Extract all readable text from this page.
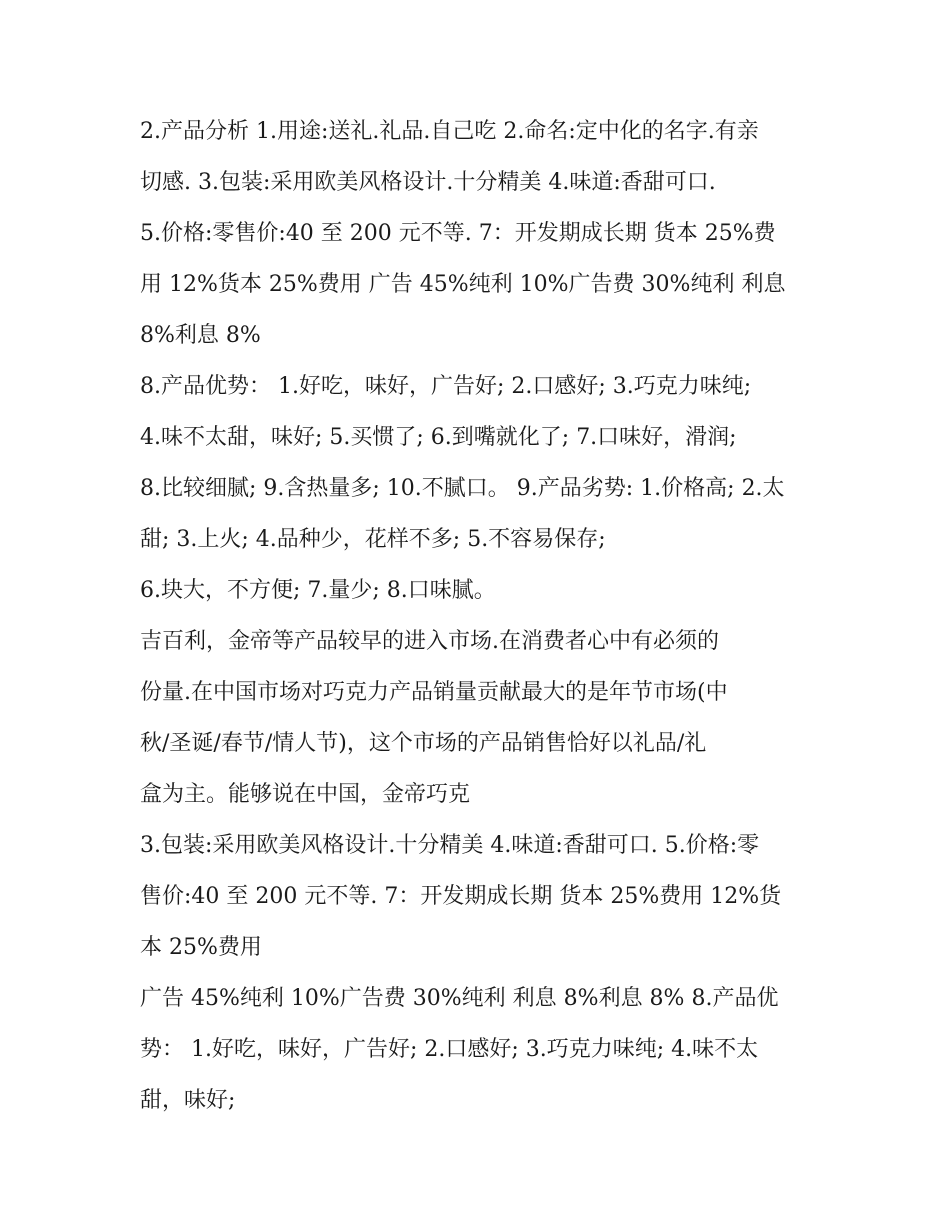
2.产品分析 1.用途:送礼.礼品.自己吃 2.命名:定中化的名字.有亲
切感. 3.包装:采用欧美风格设计.十分精美 4.味道:香甜可口.
5.价格:零售价:40 至 200 元不等. 7：开发期成长期 货本 25%费
用 12%货本 25%费用 广告 45%纯利 10%广告费 30%纯利 利息
8%利息 8%
8.产品优势： 1.好吃，味好，广告好; 2.口感好; 3.巧克力味纯;
4.味不太甜，味好; 5.买惯了; 6.到嘴就化了; 7.口味好，滑润;
8.比较细腻; 9.含热量多; 10.不腻口。 9.产品劣势: 1.价格高; 2.太
甜; 3.上火; 4.品种少，花样不多; 5.不容易保存;
6.块大，不方便; 7.量少; 8.口味腻。
吉百利，金帝等产品较早的进入市场.在消费者心中有必须的
份量.在中国市场对巧克力产品销量贡献最大的是年节市场(中
秋/圣诞/春节/情人节)，这个市场的产品销售恰好以礼品/礼
盒为主。能够说在中国，金帝巧克
3.包装:采用欧美风格设计.十分精美 4.味道:香甜可口. 5.价格:零
售价:40 至 200 元不等. 7：开发期成长期 货本 25%费用 12%货
本 25%费用
广告 45%纯利 10%广告费 30%纯利 利息 8%利息 8% 8.产品优
势： 1.好吃，味好，广告好; 2.口感好; 3.巧克力味纯; 4.味不太
甜，味好;
